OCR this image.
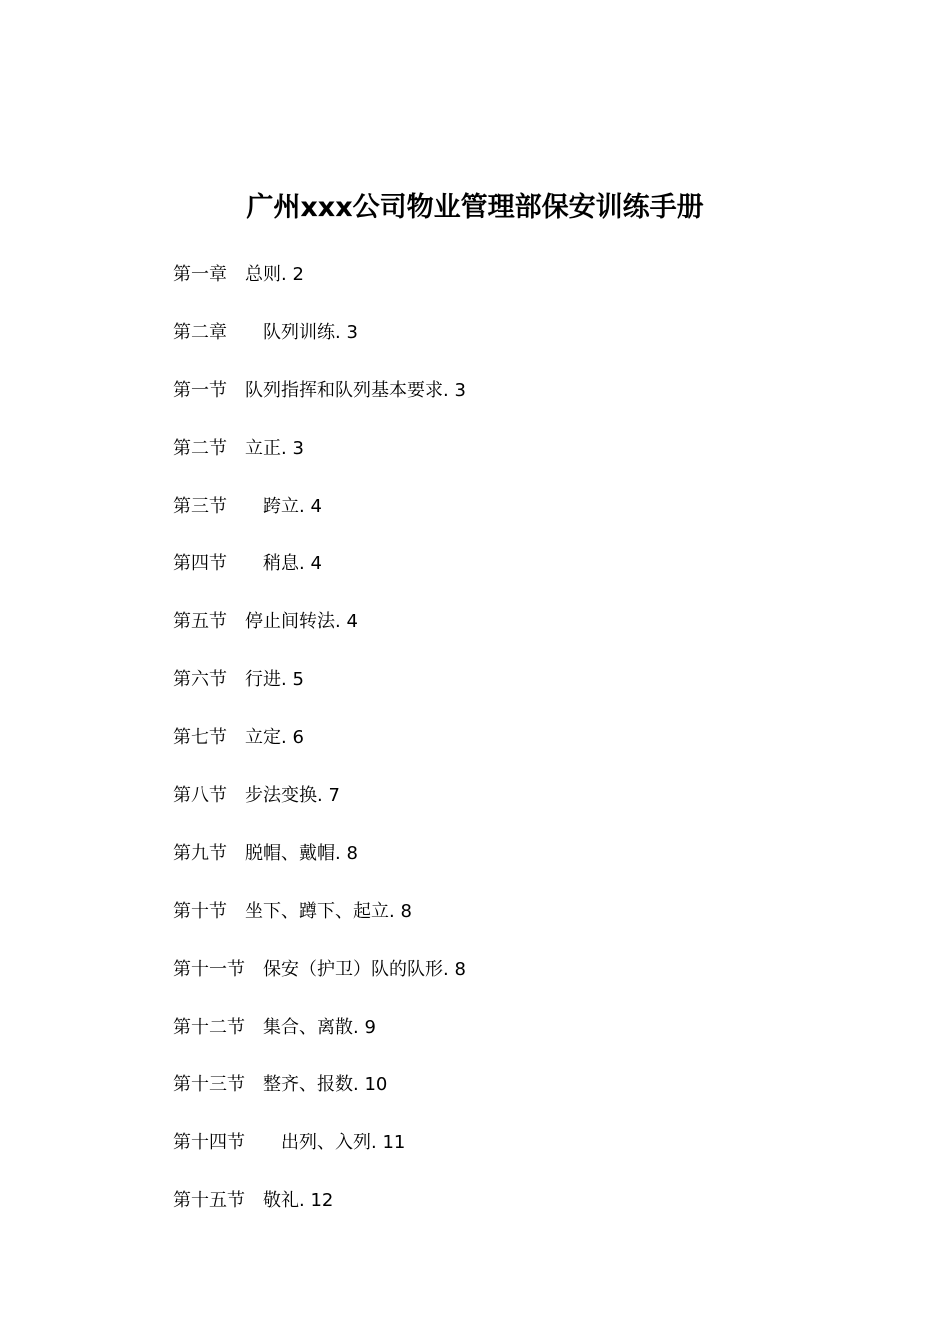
广州xxx公司物业管理部保安训练手册
第一章　总则. 2
第二章　　队列训练. 3
第一节　队列指挥和队列基本要求. 3
第二节　立正. 3
第三节　　跨立. 4
第四节　　稍息. 4
第五节　停止间转法. 4
第六节　行进. 5
第七节　立定. 6
第八节　步法变换. 7
第九节　脱帽、戴帽. 8
第十节　坐下、蹲下、起立. 8
第十一节　保安（护卫）队的队形. 8
第十二节　集合、离散. 9
第十三节　整齐、报数. 10
第十四节　　出列、入列. 11
第十五节　敬礼. 12
